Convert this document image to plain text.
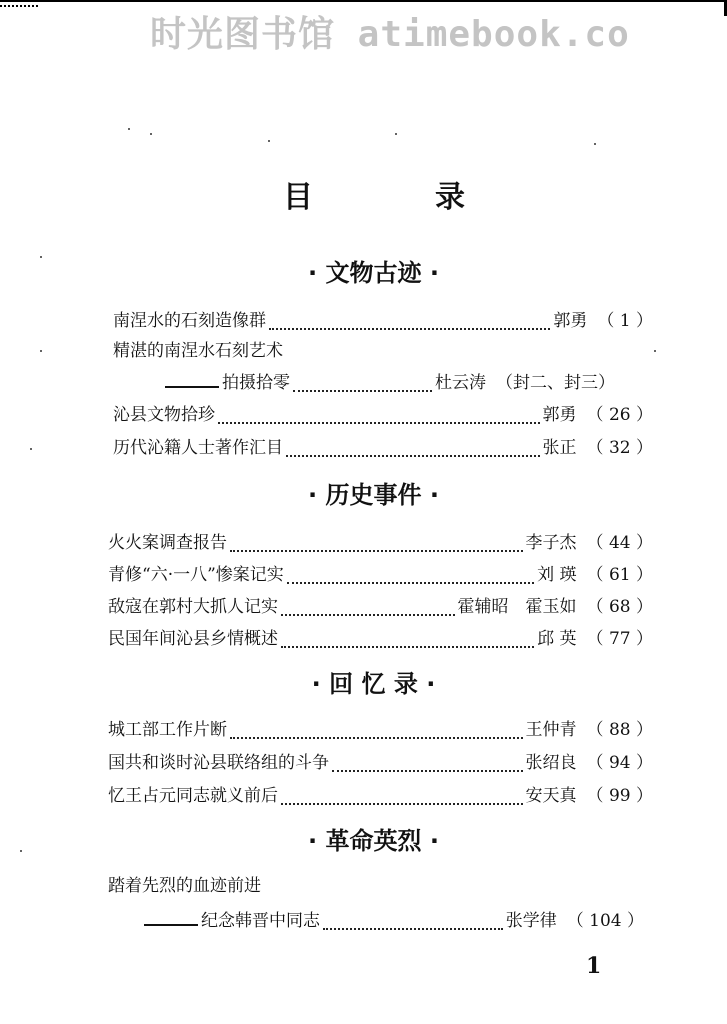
时光图书馆 atimebook.co
目录
· 文物古迹 ·
南涅水的石刻造像群	郭勇 （ 1 ）
精湛的南涅水石刻艺术
拍摄拾零	杜云涛 （封二、封三）
沁县文物拾珍	郭勇 （ 26 ）
历代沁籍人士著作汇目	张正 （ 32 ）
· 历史事件 ·
火火案调查报告	李子杰 （ 44 ）
青修“六·一八”惨案记实	刘 瑛 （ 61 ）
敌寇在郭村大抓人记实	霍辅昭　霍玉如 （ 68 ）
民国年间沁县乡情概述	邱 英 （ 77 ）
· 回 忆 录 ·
城工部工作片断	王仲青 （ 88 ）
国共和谈时沁县联络组的斗争	张绍良 （ 94 ）
忆王占元同志就义前后	安天真 （ 99 ）
· 革命英烈 ·
踏着先烈的血迹前进
纪念韩晋中同志	张学律 （ 104 ）
1
